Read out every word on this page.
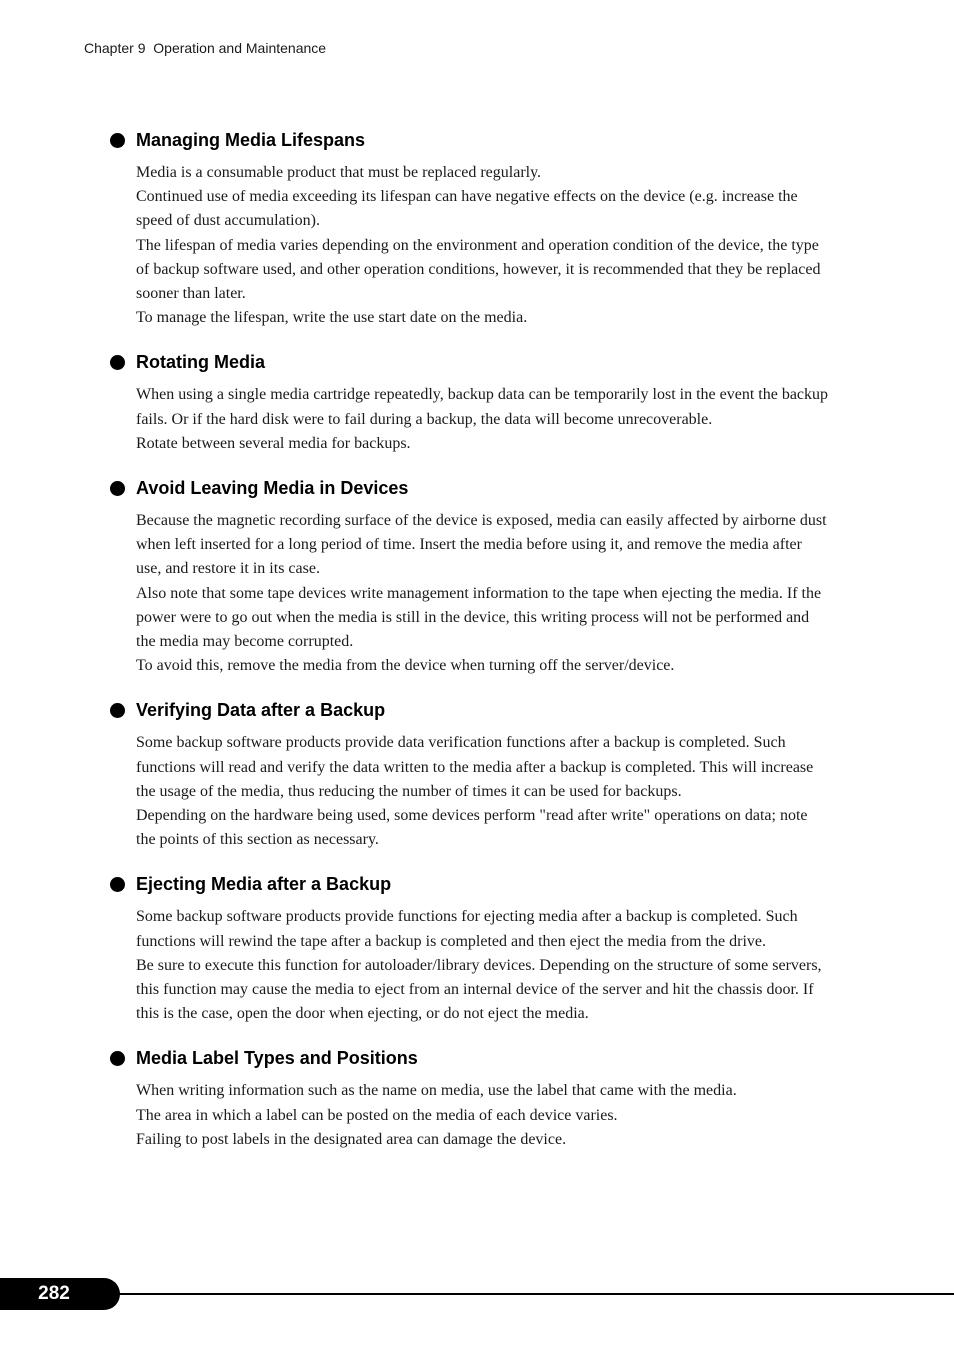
Chapter 9  Operation and Maintenance
Managing Media Lifespans

Media is a consumable product that must be replaced regularly.

Continued use of media exceeding its lifespan can have negative effects on the device (e.g. increase the speed of dust accumulation).

The lifespan of media varies depending on the environment and operation condition of the device, the type of backup software used, and other operation conditions, however, it is recommended that they be replaced sooner than later.

To manage the lifespan, write the use start date on the media.

Rotating Media

When using a single media cartridge repeatedly, backup data can be temporarily lost in the event the backup fails. Or if the hard disk were to fail during a backup, the data will become unrecoverable.

Rotate between several media for backups.

Avoid Leaving Media in Devices

Because the magnetic recording surface of the device is exposed, media can easily affected by airborne dust when left inserted for a long period of time. Insert the media before using it, and remove the media after use, and restore it in its case.

Also note that some tape devices write management information to the tape when ejecting the media. If the power were to go out when the media is still in the device, this writing process will not be performed and the media may become corrupted.

To avoid this, remove the media from the device when turning off the server/device.

Verifying Data after a Backup

Some backup software products provide data verification functions after a backup is completed. Such functions will read and verify the data written to the media after a backup is completed. This will increase the usage of the media, thus reducing the number of times it can be used for backups.

Depending on the hardware being used, some devices perform "read after write" operations on data; note the points of this section as necessary.

Ejecting Media after a Backup

Some backup software products provide functions for ejecting media after a backup is completed. Such functions will rewind the tape after a backup is completed and then eject the media from the drive.

Be sure to execute this function for autoloader/library devices. Depending on the structure of some servers, this function may cause the media to eject from an internal device of the server and hit the chassis door. If this is the case, open the door when ejecting, or do not eject the media.

Media Label Types and Positions

When writing information such as the name on media, use the label that came with the media.

The area in which a label can be posted on the media of each device varies.

Failing to post labels in the designated area can damage the device.

282
